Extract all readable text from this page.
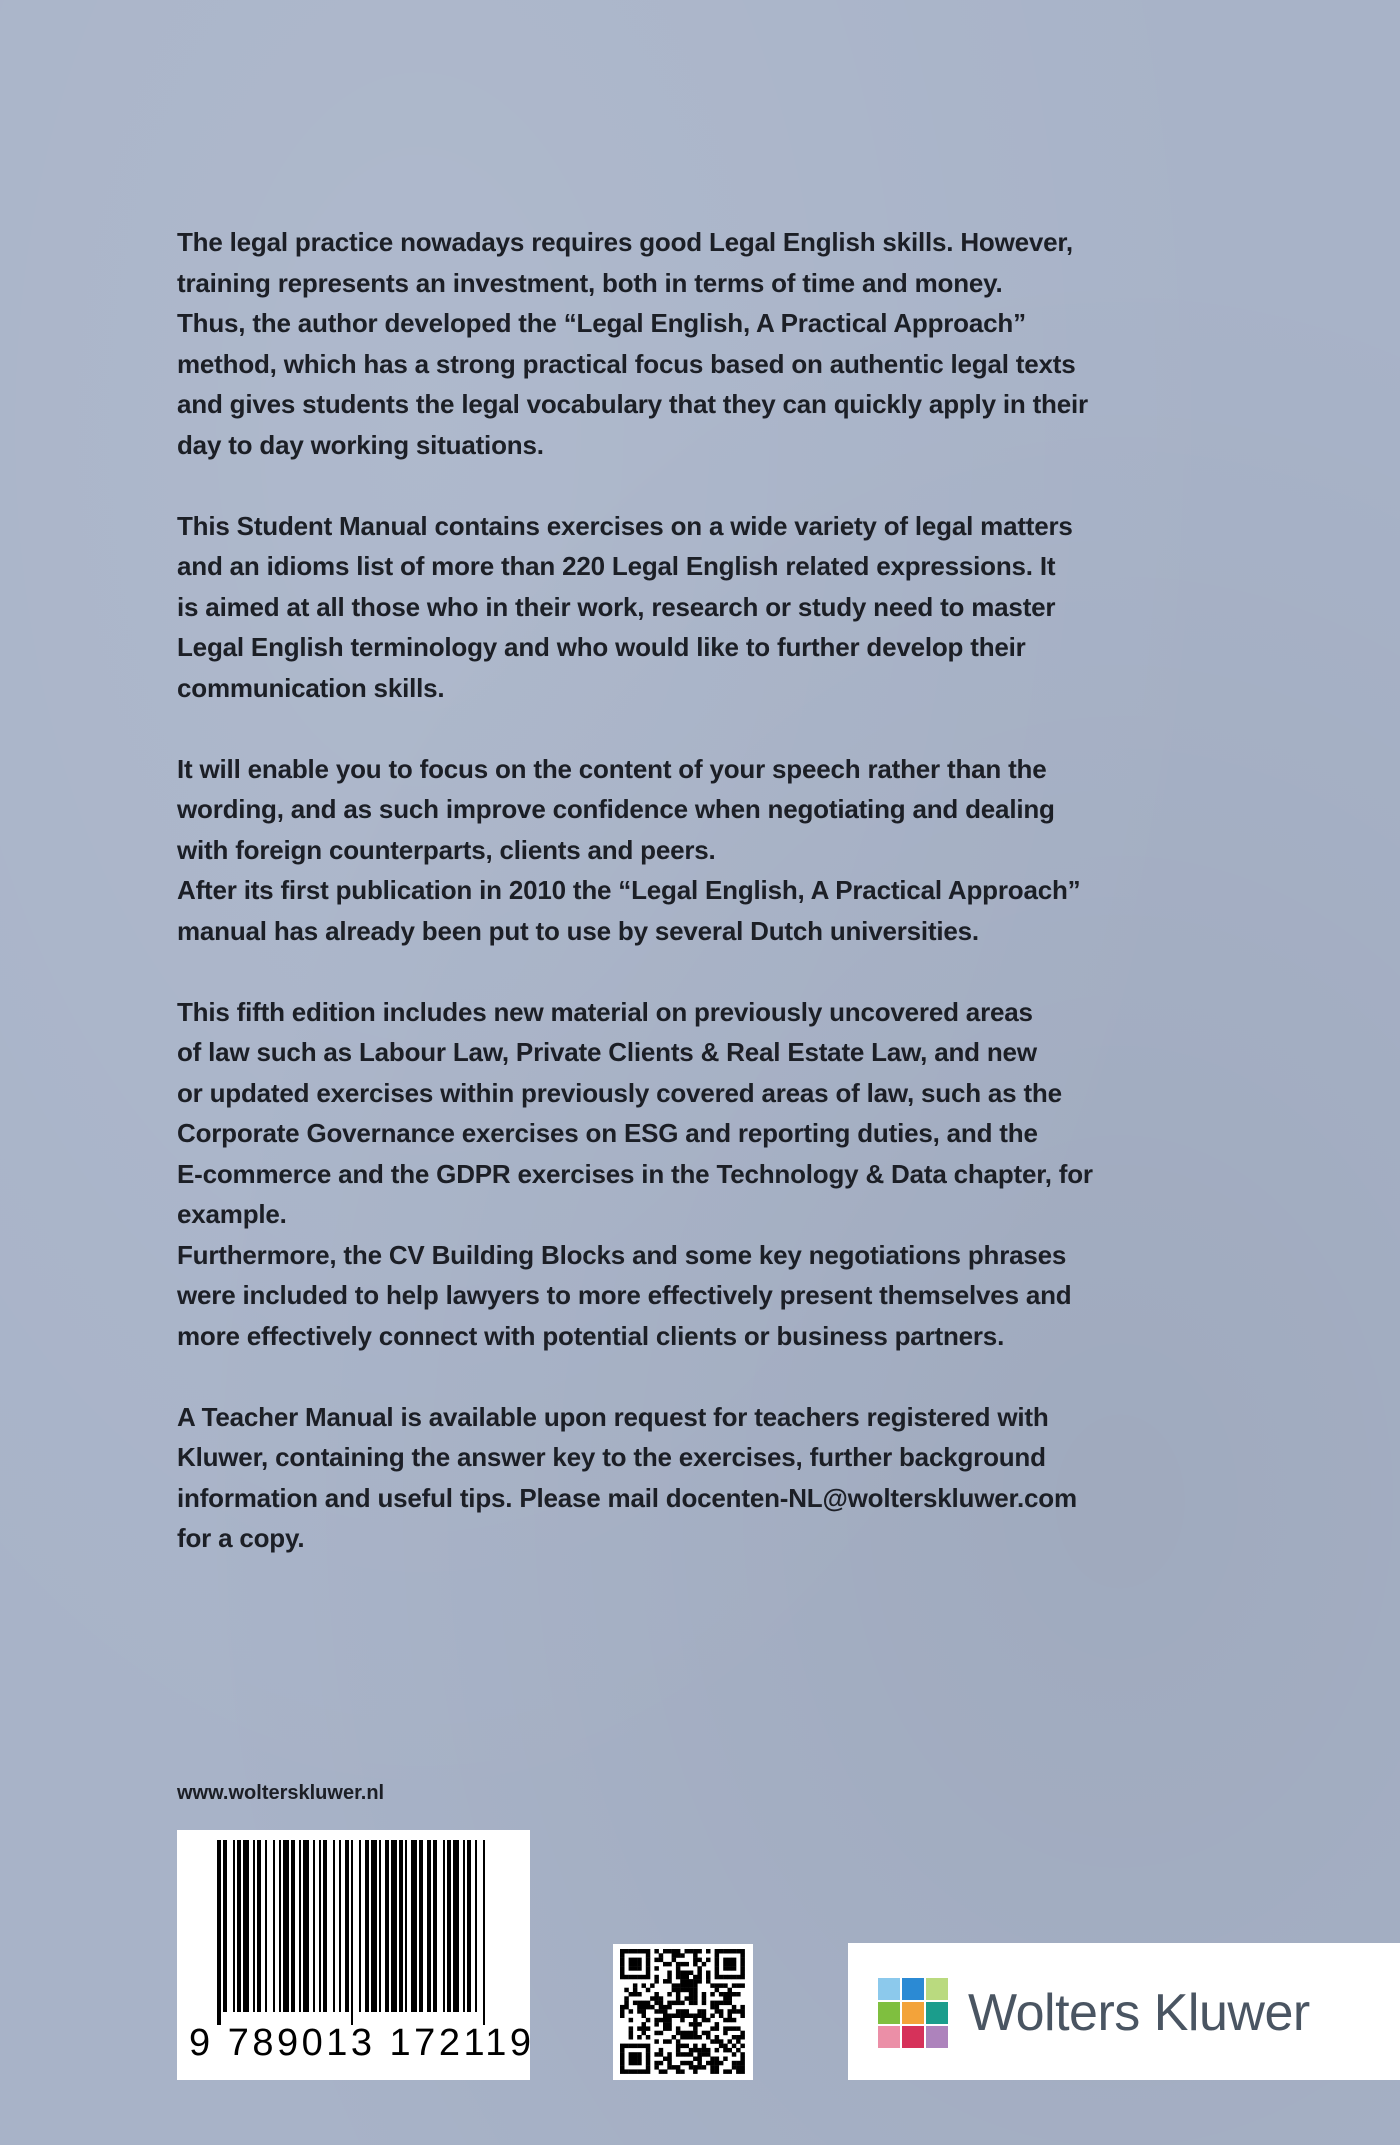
The legal practice nowadays requires good Legal English skills. However,
training represents an investment, both in terms of time and money.
Thus, the author developed the “Legal English, A Practical Approach”
method, which has a strong practical focus based on authentic legal texts
and gives students the legal vocabulary that they can quickly apply in their
day to day working situations.

This Student Manual contains exercises on a wide variety of legal matters
and an idioms list of more than 220 Legal English related expressions. It
is aimed at all those who in their work, research or study need to master
Legal English terminology and who would like to further develop their
communication skills.

It will enable you to focus on the content of your speech rather than the
wording, and as such improve confidence when negotiating and dealing
with foreign counterparts, clients and peers.

After its first publication in 2010 the “Legal English, A Practical Approach”
manual has already been put to use by several Dutch universities.

This fifth edition includes new material on previously uncovered areas
of law such as Labour Law, Private Clients & Real Estate Law, and new
or updated exercises within previously covered areas of law, such as the
Corporate Governance exercises on ESG and reporting duties, and the
E-commerce and the GDPR exercises in the Technology & Data chapter, for
example.

Furthermore, the CV Building Blocks and some key negotiations phrases
were included to help lawyers to more effectively present themselves and
more effectively connect with potential clients or business partners.

A Teacher Manual is available upon request for teachers registered with
Kluwer, containing the answer key to the exercises, further background
information and useful tips. Please mail docenten-NL@wolterskluwer.com
for a copy.

www.wolterskluwer.nl
9 789013 172119
Wolters Kluwer
